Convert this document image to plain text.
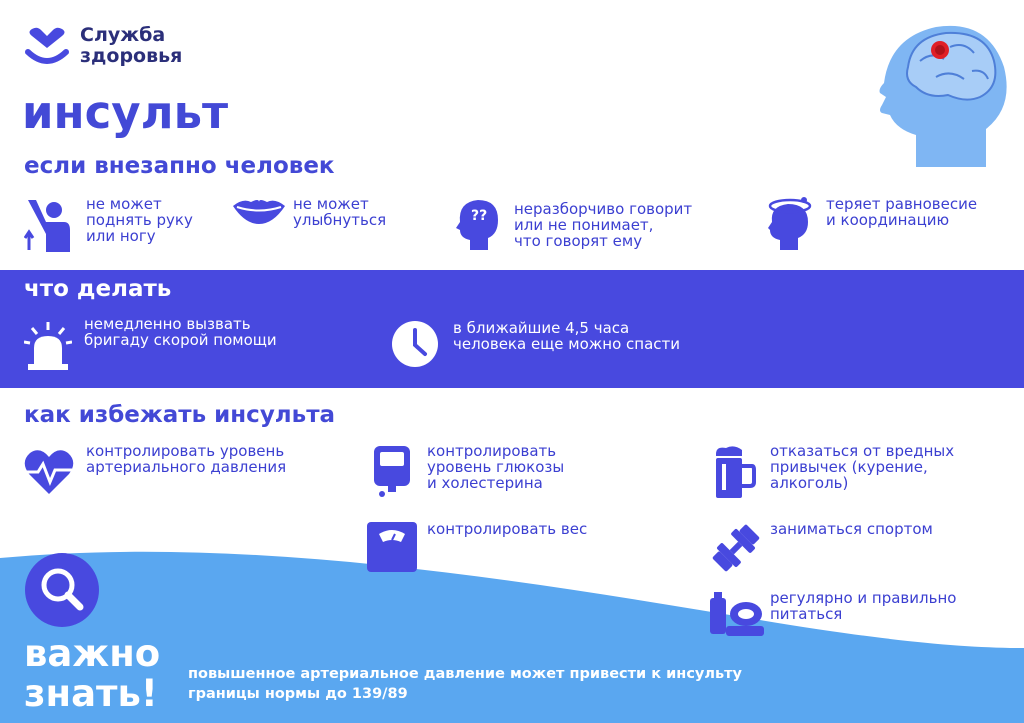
Служба
здоровья
инсульт
если внезапно человек
не может
поднять руку
или ногу
не может
улыбнуться	?? неразборчиво говорит
или не понимает,
что говорят ему
теряет равновесие
и координацию
что делать
немедленно вызвать
бригаду скорой помощи
в ближайшие 4,5 часа
человека еще можно спасти
как избежать инсульта
контролировать уровень
артериального давления
контролировать
уровень глюкозы
и холестерина
отказаться от вредных
привычек (курение,
алкоголь)
контролировать вес	заниматься спортом
регулярно и правильно
питаться
важно
знать! повышенное артериальное давление может привести к инсульту
границы нормы до 139/89
